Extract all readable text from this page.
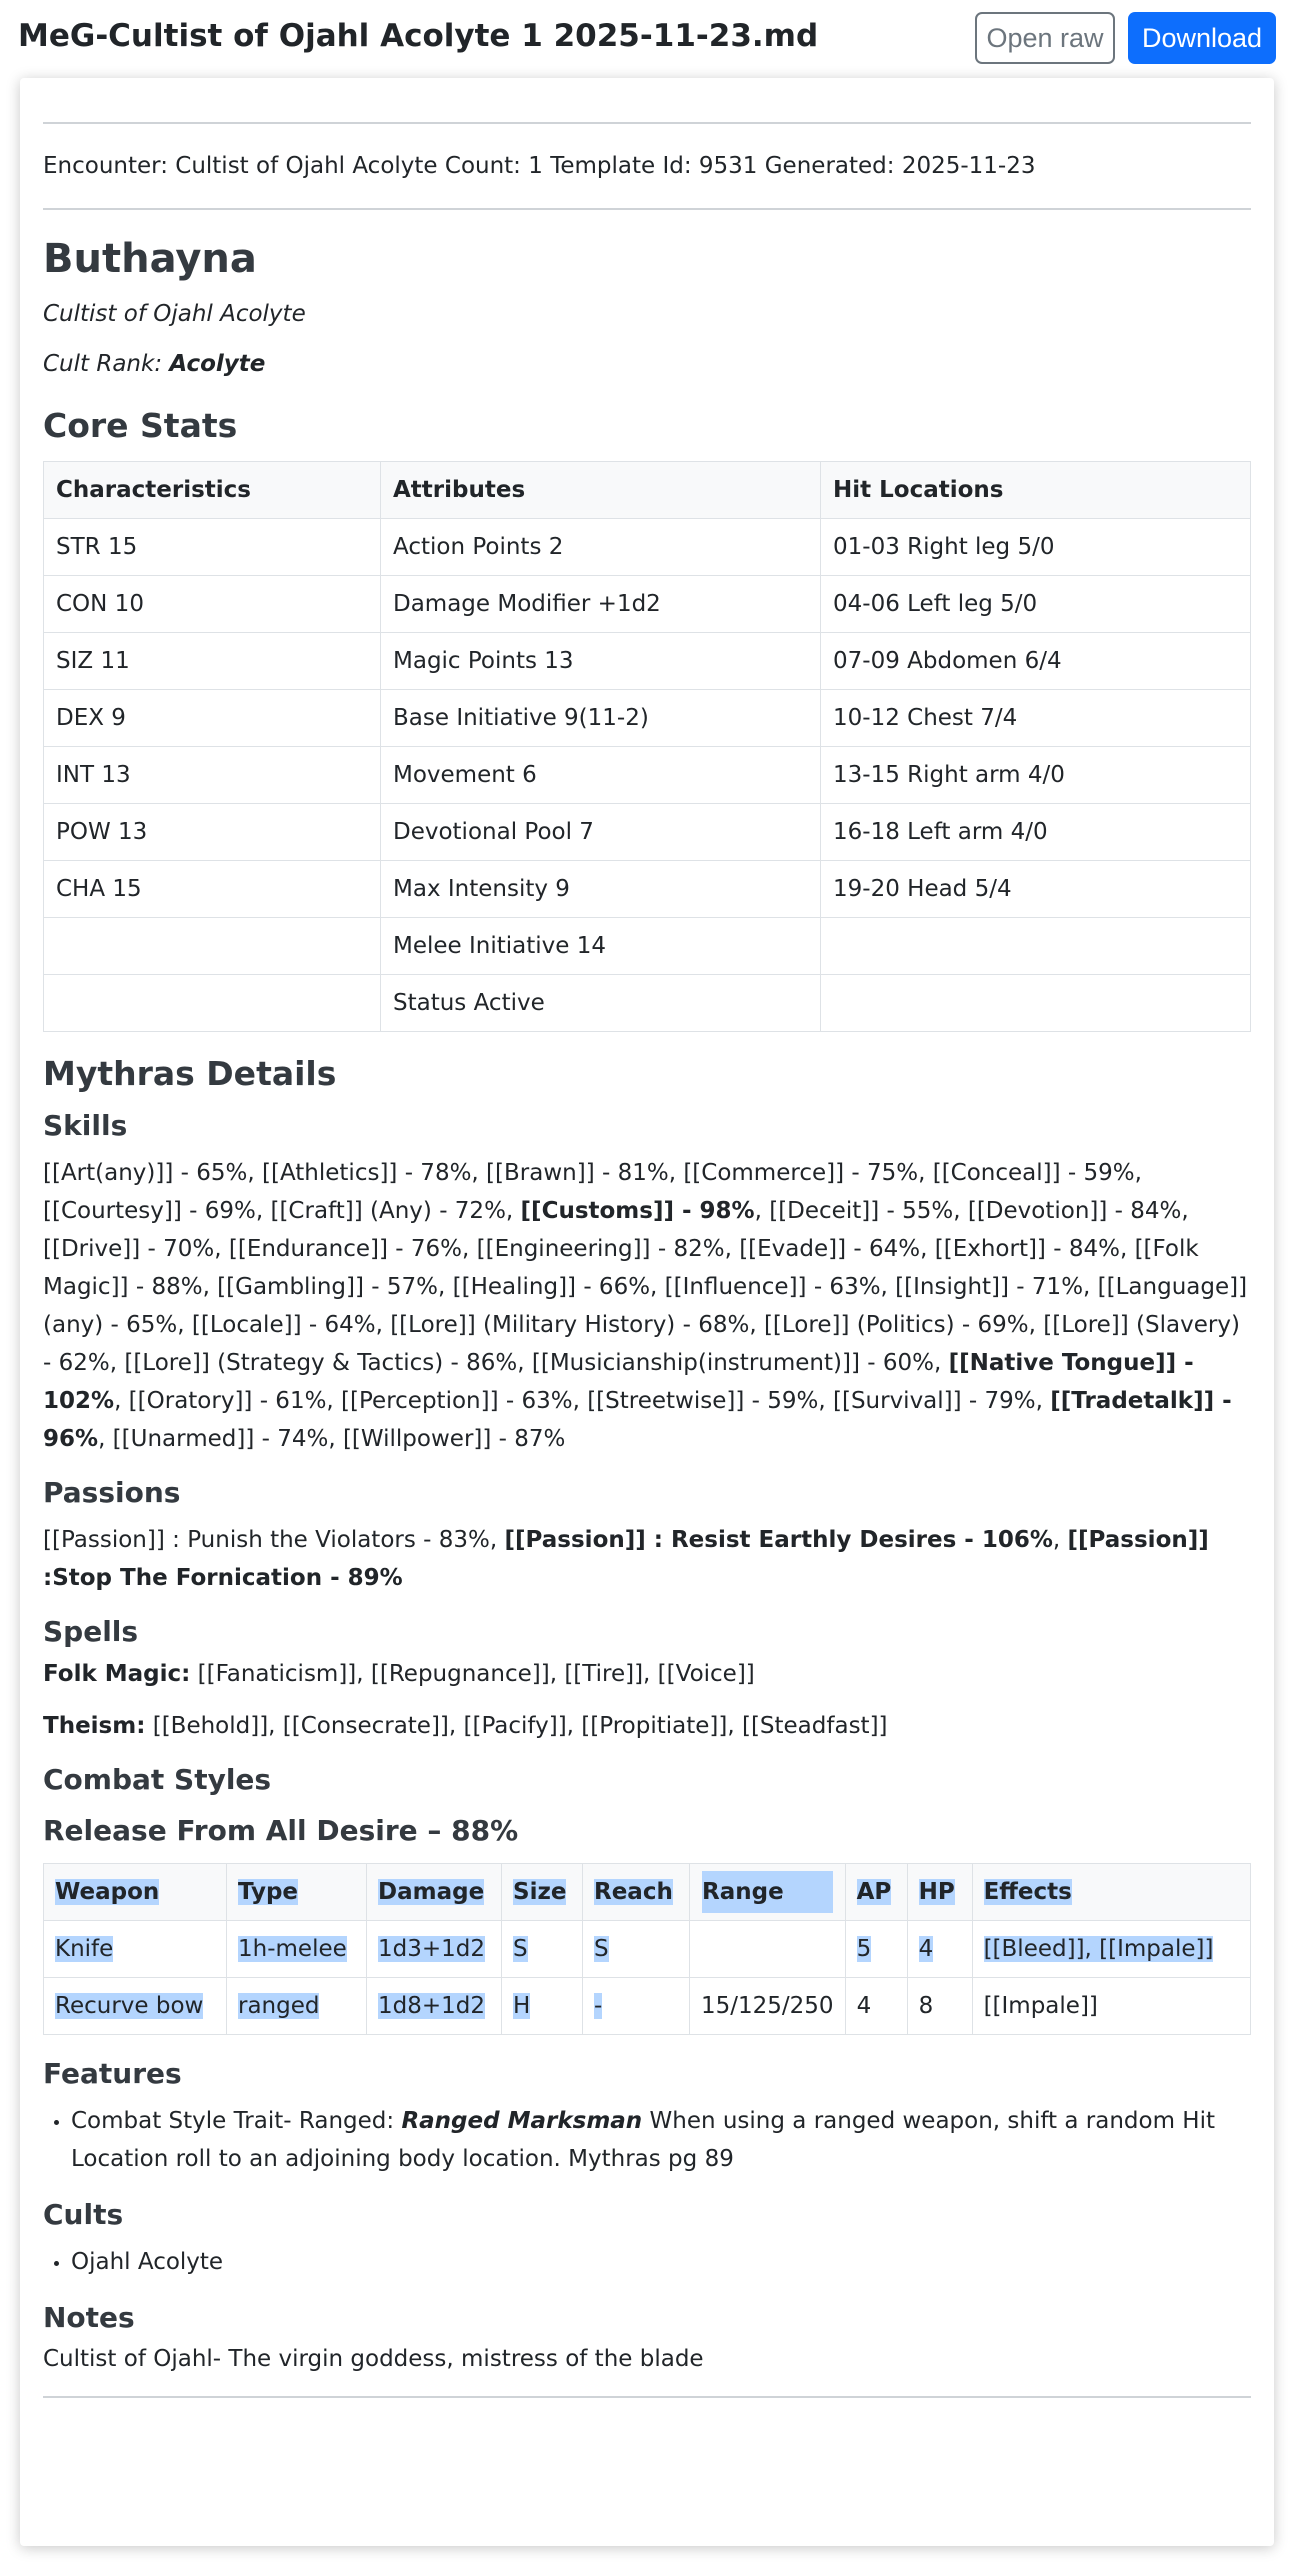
MeG-Cultist of Ojahl Acolyte 1 2025-11-23.md	Open raw	Download
Encounter: Cultist of Ojahl Acolyte Count: 1 Template Id: 9531 Generated: 2025-11-23
Buthayna
Cultist of Ojahl Acolyte
Cult Rank: Acolyte
Core Stats
Characteristics	Attributes	Hit Locations
STR 15	Action Points 2	01-03 Right leg 5/0
CON 10	Damage Modifier +1d2	04-06 Left leg 5/0
SIZ 11	Magic Points 13	07-09 Abdomen 6/4
DEX 9	Base Initiative 9(11-2)	10-12 Chest 7/4
INT 13	Movement 6	13-15 Right arm 4/0
POW 13	Devotional Pool 7	16-18 Left arm 4/0
CHA 15	Max Intensity 9	19-20 Head 5/4
	Melee Initiative 14	
	Status Active	
Mythras Details
Skills

[[Art(any)]] - 65%, [[Athletics]] - 78%, [[Brawn]] - 81%, [[Commerce]] - 75%, [[Conceal]] - 59%, [[Courtesy]] - 69%, [[Craft]] (Any) - 72%, [[Customs]] - 98%, [[Deceit]] - 55%, [[Devotion]] - 84%, [[Drive]] - 70%, [[Endurance]] - 76%, [[Engineering]] - 82%, [[Evade]] - 64%, [[Exhort]] - 84%, [[Folk Magic]] - 88%, [[Gambling]] - 57%, [[Healing]] - 66%, [[Influence]] - 63%, [[Insight]] - 71%, [[Language]] (any) - 65%, [[Locale]] - 64%, [[Lore]] (Military History) - 68%, [[Lore]] (Politics) - 69%, [[Lore]] (Slavery) - 62%, [[Lore]] (Strategy & Tactics) - 86%, [[Musicianship(instrument)]] - 60%, [[Native Tongue]] - 102%, [[Oratory]] - 61%, [[Perception]] - 63%, [[Streetwise]] - 59%, [[Survival]] - 79%, [[Tradetalk]] - 96%, [[Unarmed]] - 74%, [[Willpower]] - 87%

Passions

[[Passion]] : Punish the Violators - 83%, [[Passion]] : Resist Earthly Desires - 106%, [[Passion]] :Stop The Fornication - 89%

Spells
Folk Magic: [[Fanaticism]], [[Repugnance]], [[Tire]], [[Voice]]
Theism: [[Behold]], [[Consecrate]], [[Pacify]], [[Propitiate]], [[Steadfast]]
Combat Styles
Release From All Desire – 88%
Weapon	Type	Damage	Size	Reach	Range	AP	HP	Effects
Knife	1h-melee	1d3+1d2	S	S		5	4	[[Bleed]], [[Impale]]
Recurve bow	ranged	1d8+1d2	H	-	15/125/250	4	8	[[Impale]]
Features
• Combat Style Trait- Ranged: Ranged Marksman When using a ranged weapon, shift a random Hit Location roll to an adjoining body location. Mythras pg 89
Cults
• Ojahl Acolyte
Notes
Cultist of Ojahl- The virgin goddess, mistress of the blade
